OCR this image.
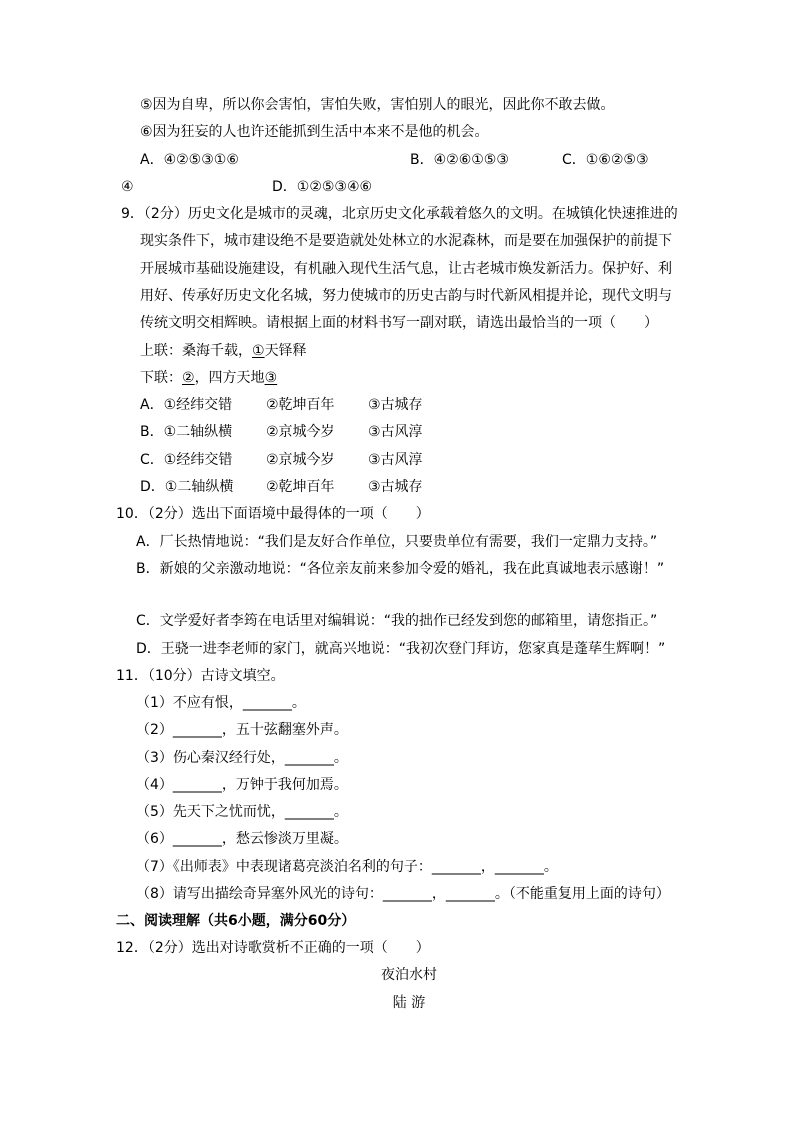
⑤因为自卑，所以你会害怕，害怕失败，害怕别人的眼光，因此你不敢去做。
⑥因为狂妄的人也许还能抓到生活中本来不是他的机会。
A．④②⑤③①⑥	B．④②⑥①⑤③	C．①⑥②⑤③
④	D．①②⑤③④⑥
9．（2分）历史文化是城市的灵魂，北京历史文化承载着悠久的文明。在城镇化快速推进的
现实条件下，城市建设绝不是要造就处处林立的水泥森林，而是要在加强保护的前提下
开展城市基础设施建设，有机融入现代生活气息，让古老城市焕发新活力。保护好、利
用好、传承好历史文化名城，努力使城市的历史古韵与时代新风相提并论，现代文明与
传统文明交相辉映。请根据上面的材料书写一副对联，请选出最恰当的一项（　　）
上联：桑海千载，①天铎释
下联：②，四方天地③
A．①经纬交错 ②乾坤百年 ③古城存
B．①二轴纵横 ②京城今岁 ③古风淳
C．①经纬交错 ②京城今岁 ③古风淳
D．①二轴纵横 ②乾坤百年 ③古城存
10．（2分）选出下面语境中最得体的一项（　　）
A．厂长热情地说：“我们是友好合作单位，只要贵单位有需要，我们一定鼎力支持。”
B．新娘的父亲激动地说：“各位亲友前来参加令爱的婚礼，我在此真诚地表示感谢！”
C．文学爱好者李筠在电话里对编辑说：“我的拙作已经发到您的邮箱里，请您指正。”
D．王骁一进李老师的家门，就高兴地说：“我初次登门拜访，您家真是蓬荜生辉啊！”
11．（10分）古诗文填空。
（1）不应有恨，_______。
（2）_______，五十弦翻塞外声。
（3）伤心秦汉经行处，_______。
（4）_______，万钟于我何加焉。
（5）先天下之忧而忧，_______。
（6）_______，愁云惨淡万里凝。
（7）《出师表》中表现诸葛亮淡泊名利的句子：_______，_______。
（8）请写出描绘奇异塞外风光的诗句：_______，_______。（不能重复用上面的诗句）
二、阅读理解（共6小题，满分60分）
12．（2分）选出对诗歌赏析不正确的一项（　　）
夜泊水村
陆 游
